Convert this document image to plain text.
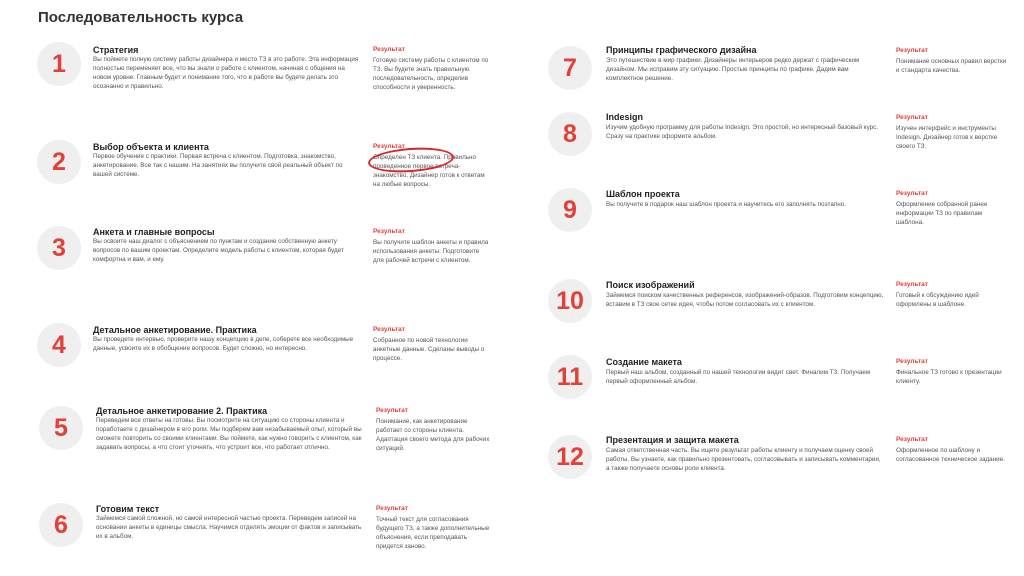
Последовательность курса
1	Стратегия
Вы поймете полную систему работы дизайнера и место ТЗ в это работе. Эта информация полностью переменяет все, что вы знали о работе с клиентом, начиная с общения на новом уровне. Главным будет и понимание того, что в работе вы будете делать это осознанно и правильно.
Результат
Готовую систему работы с клиентом по ТЗ. Вы будете знать правильную последовательность, определив способности и уверенность.
2
Выбор объекта и клиента
Первое обучение с практики. Первая встреча с клиентом. Подготовка, знакомство, анкетирование. Все так с нашим. На занятиях вы получите свой реальный объект по вашей системе.
Результат
Определен ТЗ клиента. Правильно проведенное первое встреча-знакомство. Дизайнер готов к ответам на любые вопросы.
3
Анкета и главные вопросы
Вы освоите наш диалог с объяснением по пунктам и создание собственную анкету вопросов по вашим проектам. Определите модель работы с клиентом, которая будет комфортна и вам, и ему.
Результат
Вы получите шаблон анкеты и правила использования анкеты. Подготовите для рабочей встречи с клиентом.
4
Детальное анкетирование. Практика
Вы проведете интервью, проверите нашу концепцию в деле, соберете все необходимые данные, усвоите их в обобщение вопросов. Будет сложно, но интересно.
Результат
Собранное по новой технологии анкетные данные. Сделаны выводы о процессе.
5
Детальное анкетирование 2. Практика
Переведем все ответы на готовы. Вы посмотрите на ситуацию со стороны клиента и поработаете с дизайнером в его роли. Мы подберем вам незабываемый опыт, который вы сможете повторить со своими клиентами. Вы поймете, как нужно говорить с клиентом, как задавать вопросы, а что стоит уточнять, что устроит все, что работает отлично.
Результат
Понимание, как анкетирование работает со стороны клиента. Адаптация своего метода для рабочих ситуаций.
6
Готовим текст
Займемся самой сложной, но самой интересной частью проекта. Переведем записей на основании анкеты в единицы смысла. Научимся отделять эмоции от фактов и записывать их в альбом.
Результат
Точный текст для согласования будущего ТЗ, а также дополнительные объяснения, если преподавать придется заново.
7
Принципы графического дизайна
Это путешествие в мир графики. Дизайнеры интерьеров редко держат с графическим дизайном. Мы исправим эту ситуацию. Простые принципы по графике. Дадим вам комплектное решение.
Результат
Понимание основных правил верстки и стандарта качества.
8
Indesign
Изучим удобную программу для работы Indesign. Это простой, но интересный базовый курс. Сразу на практике оформите альбом.
Результат
Изучен интерфейс и инструменты Indesign. Дизайнер готов к верстке своего ТЗ.
9
Шаблон проекта
Вы получите в подарок наш шаблон проекта и научитесь его заполнять поэтапно.
Результат
Оформление собранной ранее информации ТЗ по правилам шаблона.
10
Поиск изображений
Займемся поиском качественных референсов, изображений-образов. Подготовим концепцию, вставим в ТЗ свое сетке идея, чтобы потом согласовать их с клиентом.
Результат
Готовый к обсуждению идей оформлены в шаблоне.
11
Создание макета
Первый наш альбом, созданный по нашей технологии видит свет. Финалим ТЗ. Получаем первый оформленный альбом.
Результат
Финальное ТЗ готово к презентации клиенту.
12
Презентация и защита макета
Самая ответственная часть. Вы ищете результат работы клиенту и получаем оценку своей работы. Вы узнаете, как правильно презентовать, согласовывать и записывать комментарии, а также получаете основы роли клиента.
Результат
Оформленное по шаблону и согласованное техническое задание.
